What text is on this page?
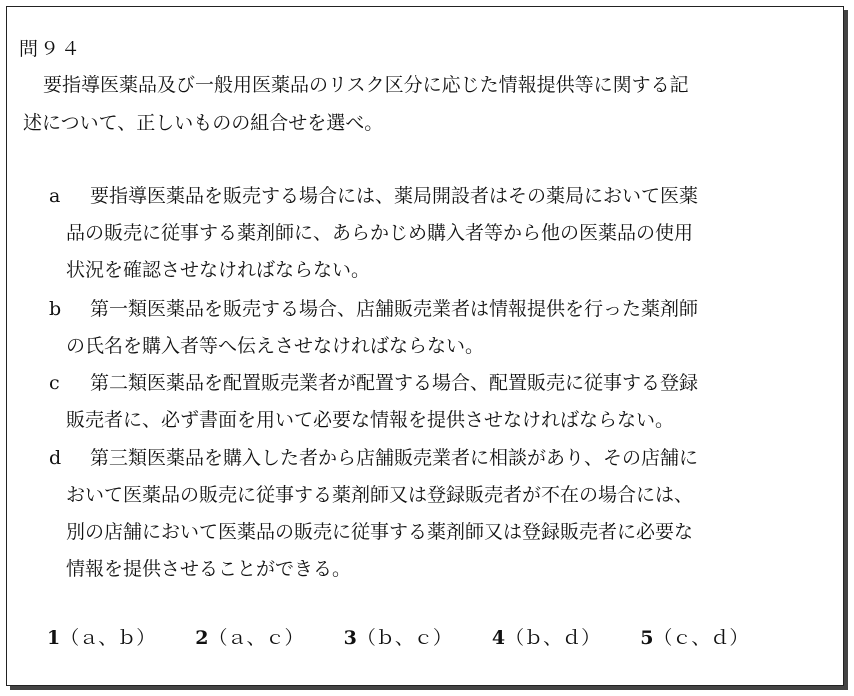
問９４
要指導医薬品及び一般用医薬品のリスク区分に応じた情報提供等に関する記
述について、正しいものの組合せを選べ。
a 要指導医薬品を販売する場合には、薬局開設者はその薬局において医薬
品の販売に従事する薬剤師に、あらかじめ購入者等から他の医薬品の使用
状況を確認させなければならない。
b 第一類医薬品を販売する場合、店舗販売業者は情報提供を行った薬剤師
の氏名を購入者等へ伝えさせなければならない。
c 第二類医薬品を配置販売業者が配置する場合、配置販売に従事する登録
販売者に、必ず書面を用いて必要な情報を提供させなければならない。
d 第三類医薬品を購入した者から店舗販売業者に相談があり、その店舗に
おいて医薬品の販売に従事する薬剤師又は登録販売者が不在の場合には、
別の店舗において医薬品の販売に従事する薬剤師又は登録販売者に必要な
情報を提供させることができる。
1（ａ、ｂ） 2（ａ、ｃ） 3（ｂ、ｃ） 4（ｂ、ｄ） 5（ｃ、ｄ）
